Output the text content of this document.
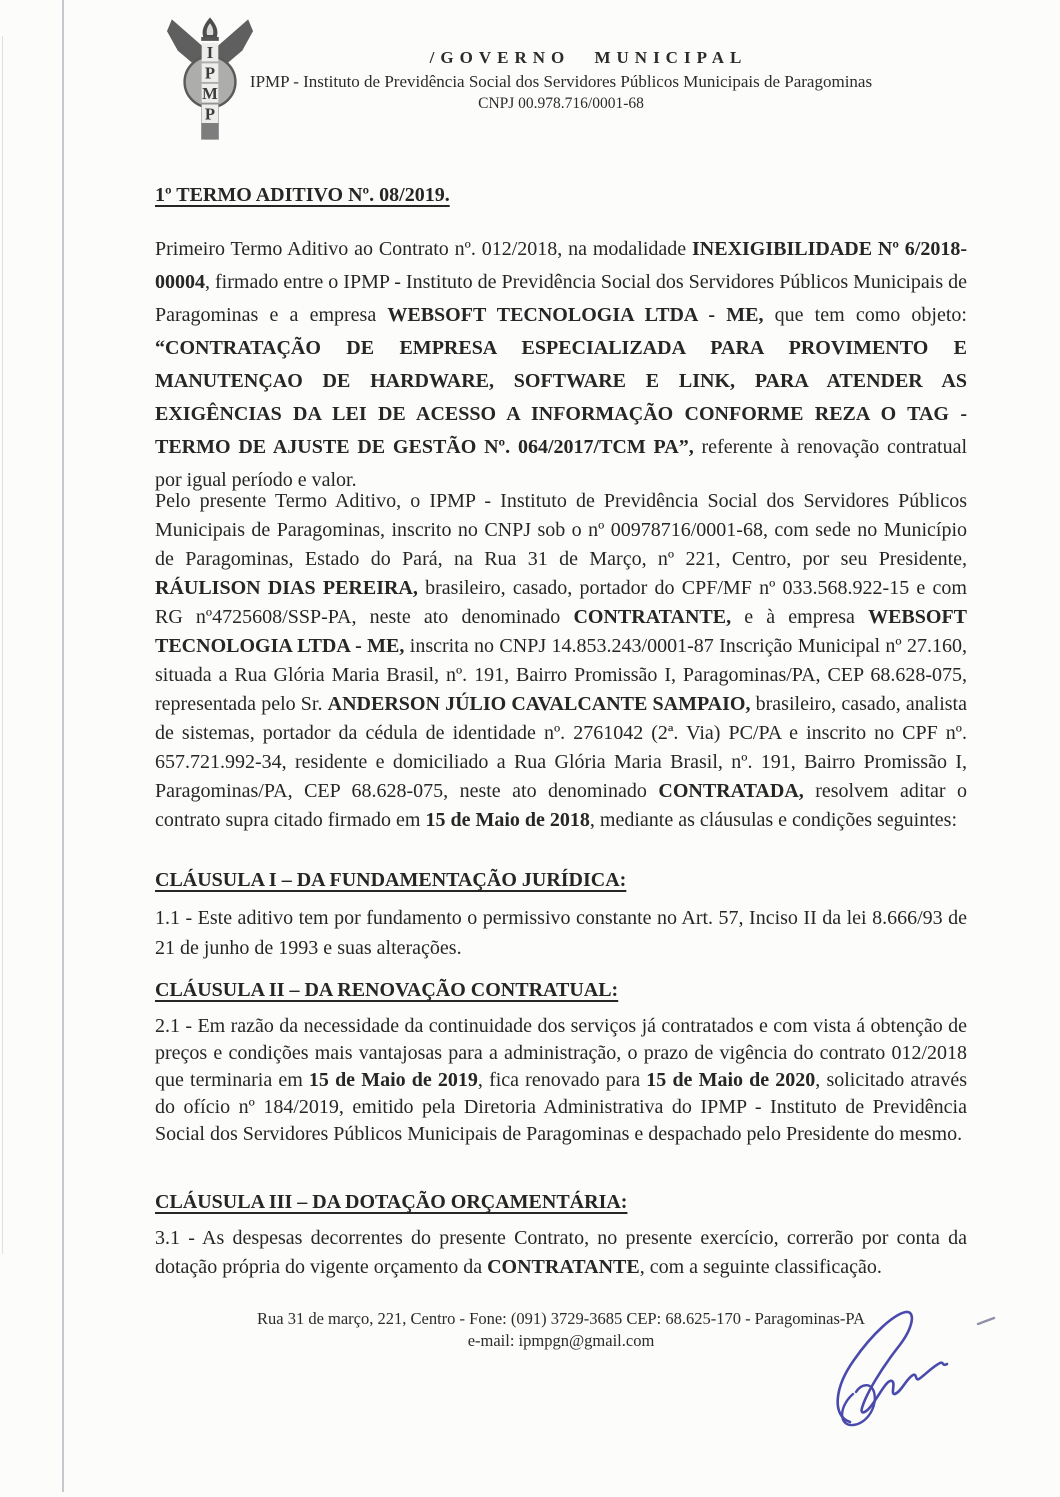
I
P
M
P
/GOVERNO MUNICIPAL
IPMP - Instituto de Previdência Social dos Servidores Públicos Municipais de Paragominas
CNPJ 00.978.716/0001-68
1º TERMO ADITIVO Nº. 08/2019.
Primeiro Termo Aditivo ao Contrato nº. 012/2018, na modalidade INEXIGIBILIDADE Nº 6/2018-00004, firmado entre o IPMP - Instituto de Previdência Social dos Servidores Públicos Municipais de Paragominas e a empresa WEBSOFT TECNOLOGIA LTDA - ME, que tem como objeto: “CONTRATAÇÃO DE EMPRESA ESPECIALIZADA PARA PROVIMENTO E MANUTENÇAO DE HARDWARE, SOFTWARE E LINK, PARA ATENDER AS EXIGÊNCIAS DA LEI DE ACESSO A INFORMAÇÃO CONFORME REZA O TAG - TERMO DE AJUSTE DE GESTÃO Nº. 064/2017/TCM PA”, referente à renovação contratual por igual período e valor.
Pelo presente Termo Aditivo, o IPMP - Instituto de Previdência Social dos Servidores Públicos Municipais de Paragominas, inscrito no CNPJ sob o nº 00978716/0001-68, com sede no Município de Paragominas, Estado do Pará, na Rua 31 de Março, nº 221, Centro, por seu Presidente, RÁULISON DIAS PEREIRA, brasileiro, casado, portador do CPF/MF nº 033.568.922-15 e com RG nº4725608/SSP-PA, neste ato denominado CONTRATANTE, e à empresa WEBSOFT TECNOLOGIA LTDA - ME, inscrita no CNPJ 14.853.243/0001-87 Inscrição Municipal nº 27.160, situada a Rua Glória Maria Brasil, nº. 191, Bairro Promissão I, Paragominas/PA, CEP 68.628-075, representada pelo Sr. ANDERSON JÚLIO CAVALCANTE SAMPAIO, brasileiro, casado, analista de sistemas, portador da cédula de identidade nº. 2761042 (2ª. Via) PC/PA e inscrito no CPF nº. 657.721.992-34, residente e domiciliado a Rua Glória Maria Brasil, nº. 191, Bairro Promissão I, Paragominas/PA, CEP 68.628-075, neste ato denominado CONTRATADA, resolvem aditar o contrato supra citado firmado em 15 de Maio de 2018, mediante as cláusulas e condições seguintes:
CLÁUSULA I – DA FUNDAMENTAÇÃO JURÍDICA:
1.1 - Este aditivo tem por fundamento o permissivo constante no Art. 57, Inciso II da lei 8.666/93 de 21 de junho de 1993 e suas alterações.
CLÁUSULA II – DA RENOVAÇÃO CONTRATUAL:
2.1 - Em razão da necessidade da continuidade dos serviços já contratados e com vista á obtenção de preços e condições mais vantajosas para a administração, o prazo de vigência do contrato 012/2018 que terminaria em 15 de Maio de 2019, fica renovado para 15 de Maio de 2020, solicitado através do ofício nº 184/2019, emitido pela Diretoria Administrativa do IPMP - Instituto de Previdência Social dos Servidores Públicos Municipais de Paragominas e despachado pelo Presidente do mesmo.
CLÁUSULA III – DA DOTAÇÃO ORÇAMENTÁRIA:
3.1 - As despesas decorrentes do presente Contrato, no presente exercício, correrão por conta da dotação própria do vigente orçamento da CONTRATANTE, com a seguinte classificação.
Rua 31 de março, 221, Centro - Fone: (091) 3729-3685 CEP: 68.625-170 - Paragominas-PA
e-mail: ipmpgn@gmail.com
